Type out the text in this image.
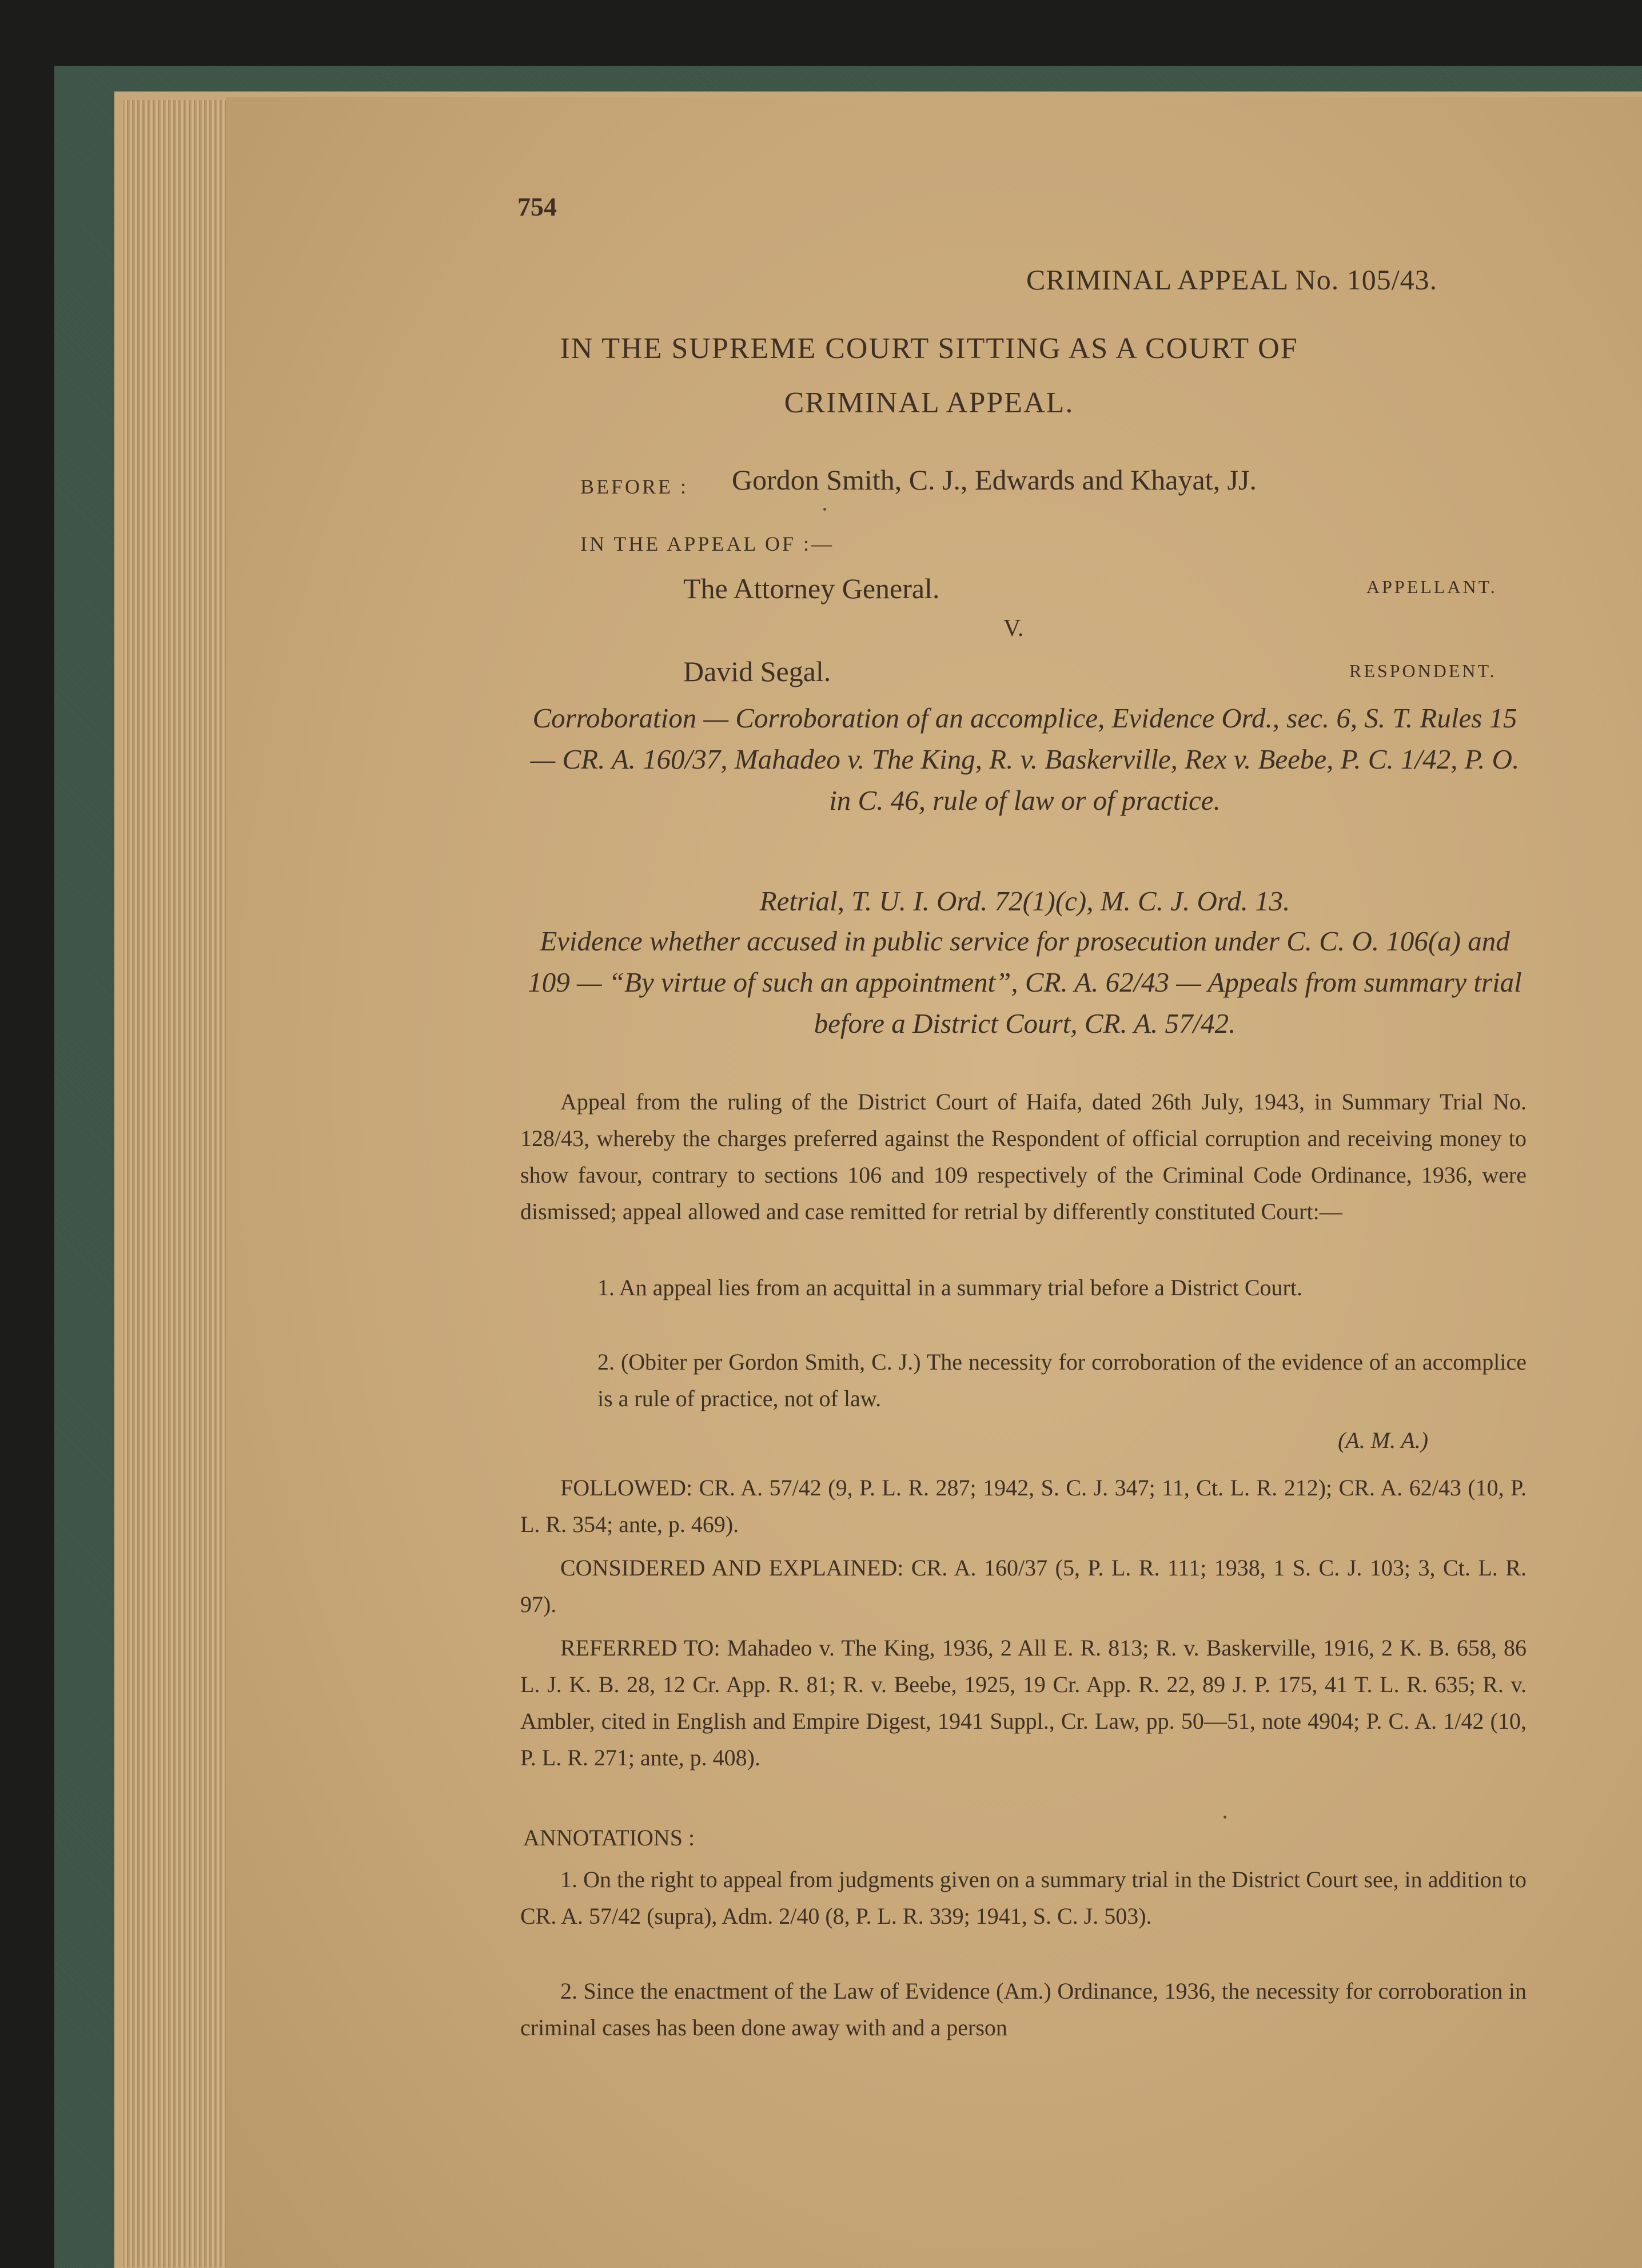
754
CRIMINAL APPEAL No. 105/43.
IN THE SUPREME COURT SITTING AS A COURT OF
CRIMINAL APPEAL.
BEFORE : Gordon Smith, C. J., Edwards and Khayat, JJ.
IN THE APPEAL OF :—
The Attorney General.	APPELLANT.
V.
David Segal.	RESPONDENT.
Corroboration — Corroboration of an accomplice, Evidence Ord., sec. 6, S. T. Rules 15 — CR. A. 160/37, Mahadeo v. The King, R. v. Baskerville, Rex v. Beebe, P. C. 1/42, P. O. in C. 46, rule of law or of practice.
Retrial, T. U. I. Ord. 72(1)(c), M. C. J. Ord. 13.
Evidence whether accused in public service for prosecution under C. C. O. 106(a) and 109 — “By virtue of such an appointment”, CR. A. 62/43 — Appeals from summary trial before a District Court, CR. A. 57/42.
Appeal from the ruling of the District Court of Haifa, dated 26th July, 1943, in Summary Trial No. 128/43, whereby the charges preferred against the Respondent of official corruption and receiving money to show favour, contrary to sections 106 and 109 respectively of the Criminal Code Ordinance, 1936, were dismissed; appeal allowed and case remitted for retrial by differently constituted Court:—
1. An appeal lies from an acquittal in a summary trial before a District Court.
2. (Obiter per Gordon Smith, C. J.) The necessity for corroboration of the evidence of an accomplice is a rule of practice, not of law.
(A. M. A.)
FOLLOWED: CR. A. 57/42 (9, P. L. R. 287; 1942, S. C. J. 347; 11, Ct. L. R. 212); CR. A. 62/43 (10, P. L. R. 354; ante, p. 469).
CONSIDERED AND EXPLAINED: CR. A. 160/37 (5, P. L. R. 111; 1938, 1 S. C. J. 103; 3, Ct. L. R. 97).
REFERRED TO: Mahadeo v. The King, 1936, 2 All E. R. 813; R. v. Baskerville, 1916, 2 K. B. 658, 86 L. J. K. B. 28, 12 Cr. App. R. 81; R. v. Beebe, 1925, 19 Cr. App. R. 22, 89 J. P. 175, 41 T. L. R. 635; R. v. Ambler, cited in English and Empire Digest, 1941 Suppl., Cr. Law, pp. 50—51, note 4904; P. C. A. 1/42 (10, P. L. R. 271; ante, p. 408).
ANNOTATIONS :
1. On the right to appeal from judgments given on a summary trial in the District Court see, in addition to CR. A. 57/42 (supra), Adm. 2/40 (8, P. L. R. 339; 1941, S. C. J. 503).
2. Since the enactment of the Law of Evidence (Am.) Ordinance, 1936, the necessity for corroboration in criminal cases has been done away with and a person
